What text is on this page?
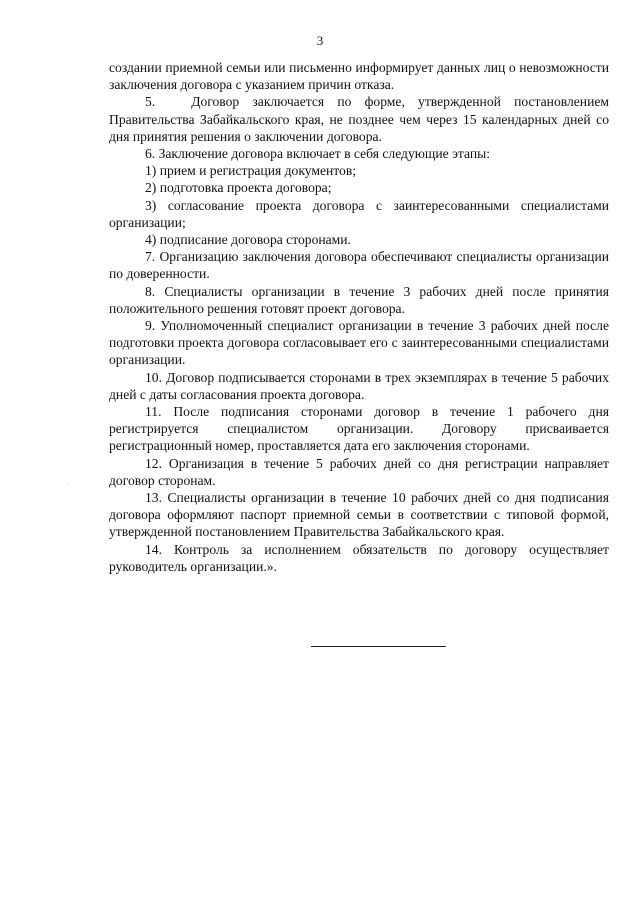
3

создании приемной семьи или письменно информирует данных лиц о невозможности заключения договора с указанием причин отказа.

5.	Договор заключается по форме, утвержденной постановлением Правительства Забайкальского края, не позднее чем через 15 календарных дней со дня принятия решения о заключении договора.

6. Заключение договора включает в себя следующие этапы:

1) прием и регистрация документов;

2) подготовка проекта договора;

3) согласование проекта договора с заинтересованными специалистами организации;

4) подписание договора сторонами.

7. Организацию заключения договора обеспечивают специалисты организации по доверенности.

8. Специалисты организации в течение 3 рабочих дней после принятия положительного решения готовят проект договора.

9. Уполномоченный специалист организации в течение 3 рабочих дней после подготовки проекта договора согласовывает его с заинтересованными специалистами организации.

10. Договор подписывается сторонами в трех экземплярах в течение 5 рабочих дней с даты согласования проекта договора.

11. После подписания сторонами договор в течение 1 рабочего дня регистрируется специалистом организации. Договору присваивается регистрационный номер, проставляется дата его заключения сторонами.

12. Организация в течение 5 рабочих дней со дня регистрации направляет договор сторонам.

13. Специалисты организации в течение 10 рабочих дней со дня подписания договора оформляют паспорт приемной семьи в соответствии с типовой формой, утвержденной постановлением Правительства Забайкальского края.

14. Контроль за исполнением обязательств по договору осуществляет руководитель организации.».
